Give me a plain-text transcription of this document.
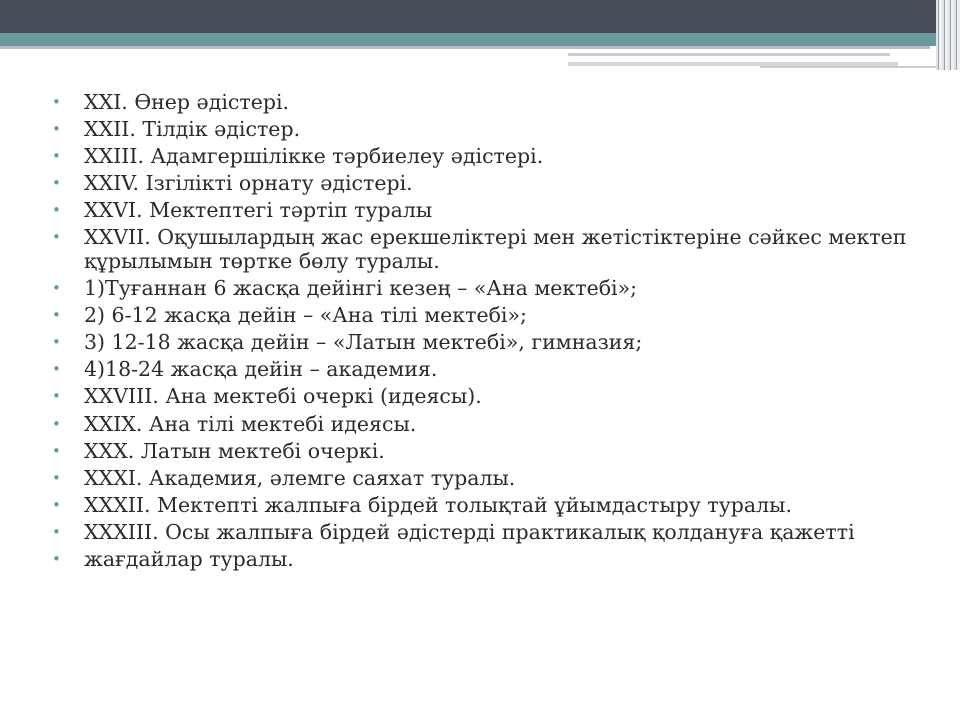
• XXI. Өнер әдістері.
• XXII. Тілдік әдістер.
• XXIII. Адамгершілікке тәрбиелеу әдістері.
• XXIV. Ізгілікті орнату әдістері.
• XXVI. Мектептегі тәртіп туралы
• XXVII. Оқушылардың жас ерекшеліктері мен жетістіктеріне сәйкес мектеп құрылымын төртке бөлу туралы.
• 1)Туғаннан 6 жасқа дейінгі кезең – «Ана мектебі»;
• 2) 6-12 жасқа дейін – «Ана тілі мектебі»;
• 3) 12-18 жасқа дейін – «Латын мектебі», гимназия;
• 4)18-24 жасқа дейін – академия.
• XXVIII. Ана мектебі очеркі (идеясы).
• XXIX. Ана тілі мектебі идеясы.
• XXX. Латын мектебі очеркі.
• XXXI. Академия, әлемге саяхат туралы.
• XXXII. Мектепті жалпыға бірдей толықтай ұйымдастыру туралы.
• XXXIII. Осы жалпыға бірдей әдістерді практикалық қолдануға қажетті
• жағдайлар туралы.
